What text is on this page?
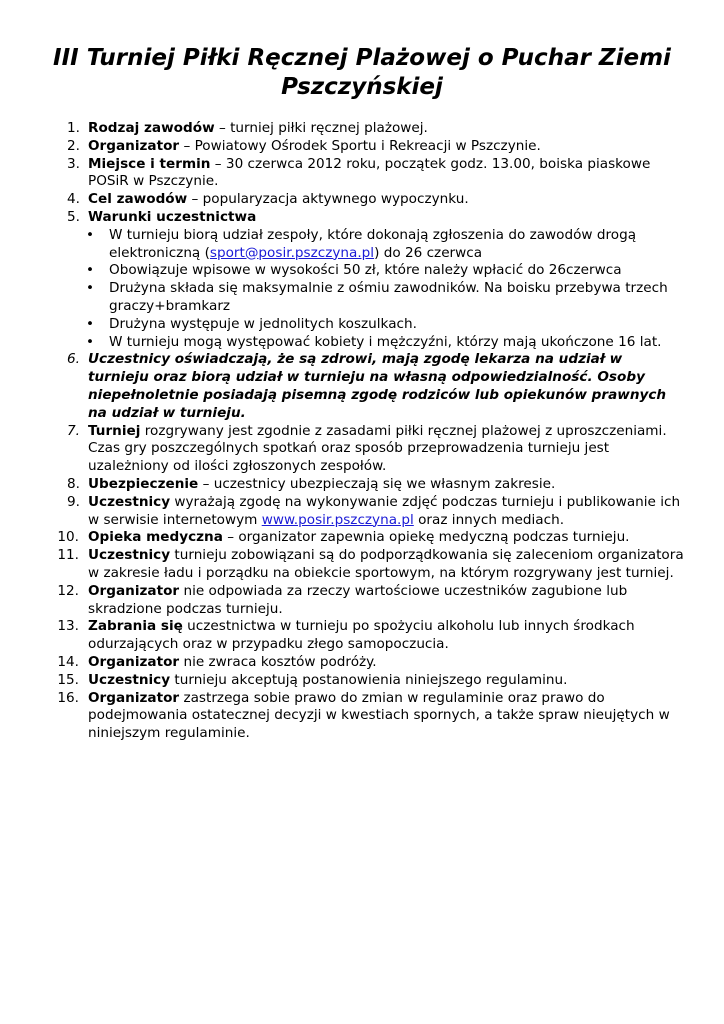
III Turniej Piłki Ręcznej Plażowej o Puchar Ziemi Pszczyńskiej
1. Rodzaj zawodów – turniej piłki ręcznej plażowej.
2. Organizator – Powiatowy Ośrodek Sportu i Rekreacji w Pszczynie.
3. Miejsce i termin – 30 czerwca 2012 roku, początek godz. 13.00, boiska piaskowe POSiR w Pszczynie.
4. Cel zawodów – popularyzacja aktywnego wypoczynku.
5. Warunki uczestnictwa
• W turnieju biorą udział zespoły, które dokonają zgłoszenia do zawodów drogą elektroniczną (sport@posir.pszczyna.pl) do 26 czerwca
• Obowiązuje wpisowe w wysokości 50 zł, które należy wpłacić do 26czerwca
• Drużyna składa się maksymalnie z ośmiu zawodników. Na boisku przebywa trzech graczy+bramkarz
• Drużyna występuje w jednolitych koszulkach.
• W turnieju mogą występować kobiety i mężczyźni, którzy mają ukończone 16 lat.
6. Uczestnicy oświadczają, że są zdrowi, mają zgodę lekarza na udział w turnieju oraz biorą udział w turnieju na własną odpowiedzialność. Osoby niepełnoletnie posiadają pisemną zgodę rodziców lub opiekunów prawnych na udział w turnieju.
7. Turniej rozgrywany jest zgodnie z zasadami piłki ręcznej plażowej z uproszczeniami. Czas gry poszczególnych spotkań oraz sposób przeprowadzenia turnieju jest uzależniony od ilości zgłoszonych zespołów.
8. Ubezpieczenie – uczestnicy ubezpieczają się we własnym zakresie.
9. Uczestnicy wyrażają zgodę na wykonywanie zdjęć podczas turnieju i publikowanie ich w serwisie internetowym www.posir.pszczyna.pl oraz innych mediach.
10. Opieka medyczna – organizator zapewnia opiekę medyczną podczas turnieju.
11. Uczestnicy turnieju zobowiązani są do podporządkowania się zaleceniom organizatora w zakresie ładu i porządku na obiekcie sportowym, na którym rozgrywany jest turniej.
12. Organizator nie odpowiada za rzeczy wartościowe uczestników zagubione lub skradzione podczas turnieju.
13. Zabrania się uczestnictwa w turnieju po spożyciu alkoholu lub innych środkach odurzających oraz w przypadku złego samopoczucia.
14. Organizator nie zwraca kosztów podróży.
15. Uczestnicy turnieju akceptują postanowienia niniejszego regulaminu.
16. Organizator zastrzega sobie prawo do zmian w regulaminie oraz prawo do podejmowania ostatecznej decyzji w kwestiach spornych, a także spraw nieujętych w niniejszym regulaminie.
